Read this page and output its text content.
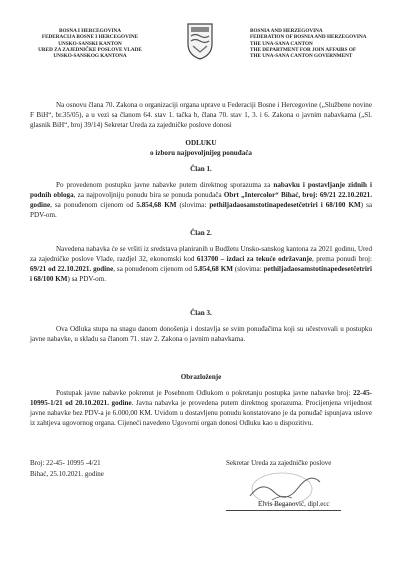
BOSNA I HERCEGOVINA
FEDERACIJA BOSNE I HERCEGOVINE
UNSKO-SANSKI KANTON
URED ZA ZAJEDNIČKE POSLOVE VLADE
UNSKO-SANSKOG KANTONA
BOSNIA AND HERZEGOVINA
FEDERATION OF BOSNIA AND HERZEGOVINA
THE UNA-SANA CANTON
THE DEPARTMENT FOR JOIN AFFAIRS OF
THE UNA-SANA CANTON GOVERNMENT
Na osnovu člana 70. Zakona o organizaciji organa uprave u Federaciji Bosne i Hercegovine („Službene novine F BiH“, br.35/05), a u vezi sa članom 64. stav 1. tačka b, člana 70. stav 1, 3. i 6. Zakona o javnim nabavkama („Sl. glasnik BiH“, broj 39/14) Sekretar Ureda za zajedničke poslove donosi
ODLUKU
o izboru najpovoljnijeg ponuđača
Član 1.
Po provedenom postupku javne nabavke putem direktnog sporazuma za nabavku i postavljanje zidnih i podnih obloga, za najpovoljniju ponudu bira se ponuda ponuđača Obrt „Intercolor“ Bihać, broj: 69/21 22.10.2021. godine, sa ponuđenom cijenom od 5.854,68 KM (slovima: pethiljadaosamstotinapedesetčetriri i 68/100 KM) sa PDV-om.
Član 2.
Navedena nabavka će se vršiti iz sredstava planiranih u Budžetu Unsko-sanskog kantona za 2021 godinu, Ured za zajedničke poslove Vlade, razdjel 32, ekonomski kod 613700 – izdaci za tekuće održavanje, prema ponudi broj: 69/21 od 22.10.2021. godine, sa ponuđenom cijenom od 5.854,68 KM (slovima: pethiljadaosamstotinapedesetčetriri i 68/100 KM) sa PDV-om.
Član 3.
Ova Odluka stupa na snagu danom donošenja i dostavlja se svim ponuđačima koji su učestvovali u postupku javne nabavke, u skladu sa članom 71. stav 2. Zakona o javnim nabavkama.
Obrazloženje
Postupak javne nabavke pokrenut je Posebnom Odlukom o pokretanju postupka javne nabavke broj: 22-45-10995-1/21 od 20.10.2021. godine. Javna nabavka je provedena putem direktnog sporazuma. Procijenjena vrijednost javne nabavke bez PDV-a je 6.000,00 KM. Uvidom u dostavljenu ponudu konstatovano je da ponuđač ispunjava uslove iz zahtjeva ugovornog organa. Cijeneći navedeno Ugovorni organ donosi Odluku kao u dispozitivu.
Broj: 22-45- 10995 -4/21
Bihać, 25.10.2021. godine
Sekretar Ureda za zajedničke poslove
Elvis Beganović, dipl.ecc
